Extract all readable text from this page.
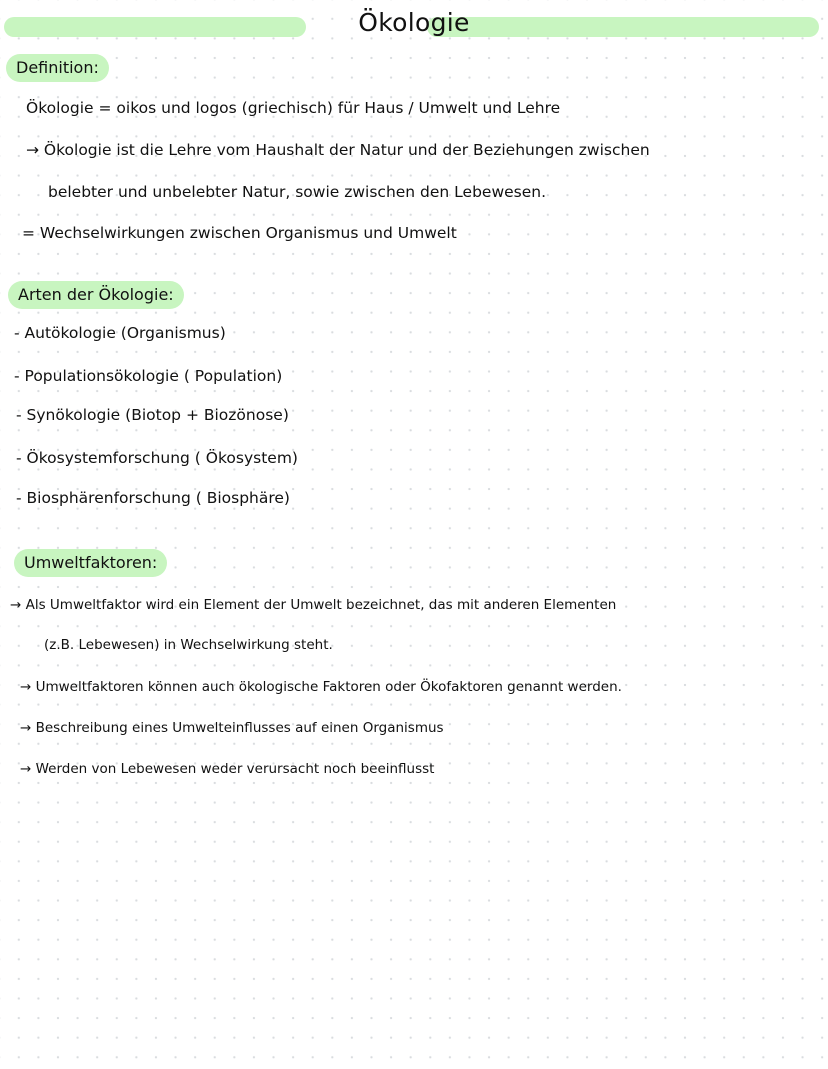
Ökologie
Definition:
Ökologie = oikos und logos (griechisch) für Haus / Umwelt und Lehre
→ Ökologie ist die Lehre vom Haushalt der Natur und der Beziehungen zwischen
belebter und unbelebter Natur, sowie zwischen den Lebewesen.
= Wechselwirkungen zwischen Organismus und Umwelt
Arten der Ökologie:
- Autökologie (Organismus)
- Populationsökologie ( Population)
- Synökologie (Biotop + Biozönose)
- Ökosystemforschung ( Ökosystem)
- Biosphärenforschung ( Biosphäre)
Umweltfaktoren:
→ Als Umweltfaktor wird ein Element der Umwelt bezeichnet, das mit anderen Elementen
(z.B. Lebewesen) in Wechselwirkung steht.
→ Umweltfaktoren können auch ökologische Faktoren oder Ökofaktoren genannt werden.
→ Beschreibung eines Umwelteinflusses auf einen Organismus
→ Werden von Lebewesen weder verursacht noch beeinflusst
